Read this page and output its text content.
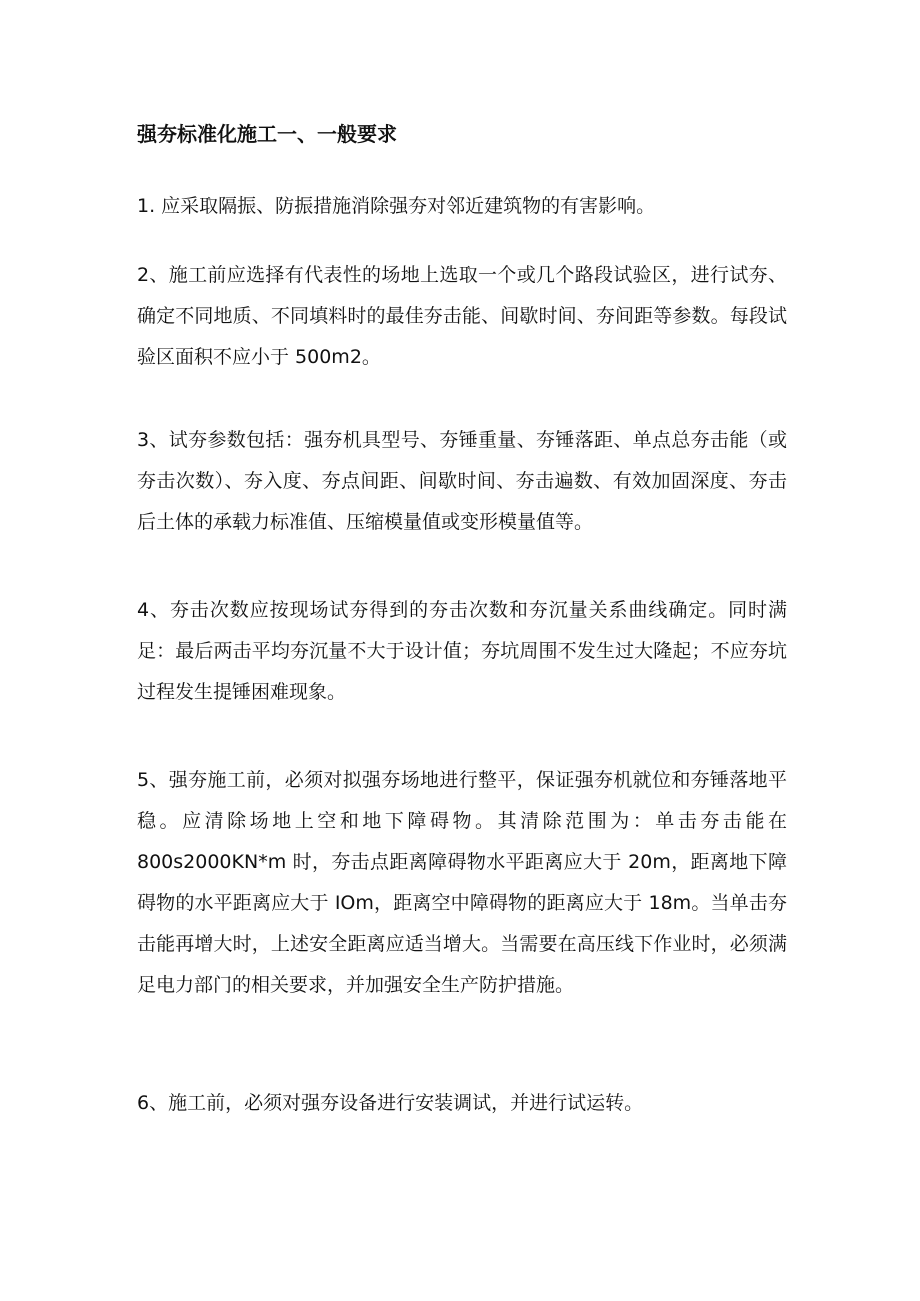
强夯标准化施工一、一般要求
1. 应采取隔振、防振措施消除强夯对邻近建筑物的有害影响。
2、施工前应选择有代表性的场地上选取一个或几个路段试验区，进行试夯、确定不同地质、不同填料时的最佳夯击能、间歇时间、夯间距等参数。每段试验区面积不应小于 500m2。
3、试夯参数包括：强夯机具型号、夯锤重量、夯锤落距、单点总夯击能（或夯击次数）、夯入度、夯点间距、间歇时间、夯击遍数、有效加固深度、夯击后土体的承载力标准值、压缩模量值或变形模量值等。
4、夯击次数应按现场试夯得到的夯击次数和夯沉量关系曲线确定。同时满足：最后两击平均夯沉量不大于设计值；夯坑周围不发生过大隆起；不应夯坑过程发生提锤困难现象。
5、强夯施工前，必须对拟强夯场地进行整平，保证强夯机就位和夯锤落地平稳。应清除场地上空和地下障碍物。其清除范围为：单击夯击能在 800s2000KN*m 时，夯击点距离障碍物水平距离应大于 20m，距离地下障碍物的水平距离应大于 IOm，距离空中障碍物的距离应大于 18m。当单击夯击能再增大时，上述安全距离应适当增大。当需要在高压线下作业时，必须满足电力部门的相关要求，并加强安全生产防护措施。
6、施工前，必须对强夯设备进行安装调试，并进行试运转。
